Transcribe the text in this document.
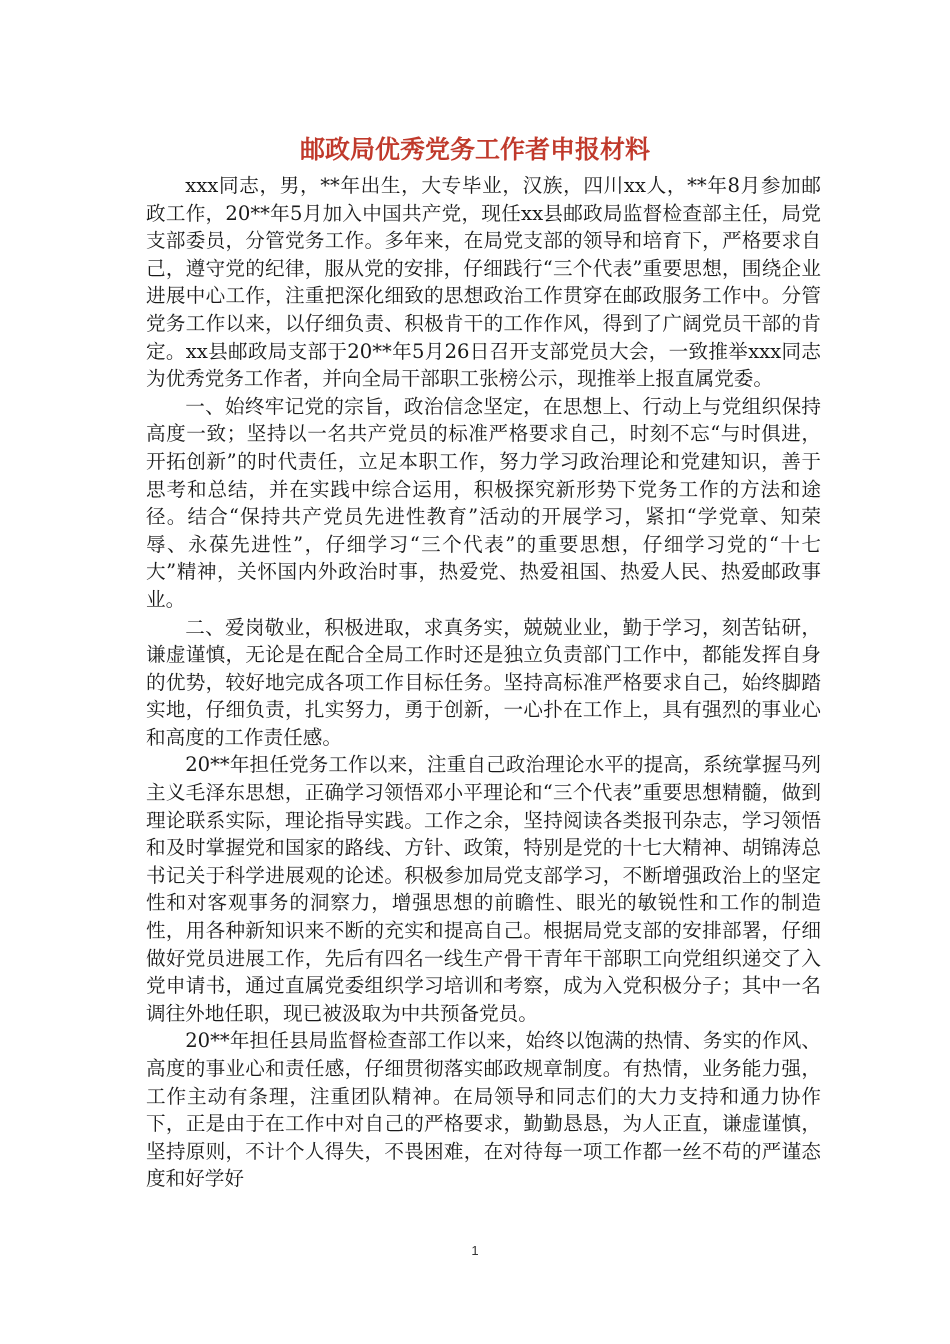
邮政局优秀党务工作者申报材料

xxx同志，男，**年出生，大专毕业，汉族，四川xx人，**年8月参加邮政工作，20**年5月加入中国共产党，现任xx县邮政局监督检查部主任，局党支部委员，分管党务工作。多年来，在局党支部的领导和培育下，严格要求自己，遵守党的纪律，服从党的安排，仔细践行“三个代表”重要思想，围绕企业进展中心工作，注重把深化细致的思想政治工作贯穿在邮政服务工作中。分管党务工作以来，以仔细负责、积极肯干的工作作风，得到了广阔党员干部的肯定。xx县邮政局支部于20**年5月26日召开支部党员大会，一致推举xxx同志为优秀党务工作者，并向全局干部职工张榜公示，现推举上报直属党委。

一、始终牢记党的宗旨，政治信念坚定，在思想上、行动上与党组织保持高度一致；坚持以一名共产党员的标准严格要求自己，时刻不忘“与时俱进，开拓创新”的时代责任，立足本职工作，努力学习政治理论和党建知识，善于思考和总结，并在实践中综合运用，积极探究新形势下党务工作的方法和途径。结合“保持共产党员先进性教育”活动的开展学习，紧扣“学党章、知荣辱、永葆先进性”，仔细学习“三个代表”的重要思想，仔细学习党的“十七大”精神，关怀国内外政治时事，热爱党、热爱祖国、热爱人民、热爱邮政事业。

二、爱岗敬业，积极进取，求真务实，兢兢业业，勤于学习，刻苦钻研，谦虚谨慎，无论是在配合全局工作时还是独立负责部门工作中，都能发挥自身的优势，较好地完成各项工作目标任务。坚持高标准严格要求自己，始终脚踏实地，仔细负责，扎实努力，勇于创新，一心扑在工作上，具有强烈的事业心和高度的工作责任感。

20**年担任党务工作以来，注重自己政治理论水平的提高，系统掌握马列主义毛泽东思想，正确学习领悟邓小平理论和“三个代表”重要思想精髓，做到理论联系实际，理论指导实践。工作之余，坚持阅读各类报刊杂志，学习领悟和及时掌握党和国家的路线、方针、政策，特别是党的十七大精神、胡锦涛总书记关于科学进展观的论述。积极参加局党支部学习，不断增强政治上的坚定性和对客观事务的洞察力，增强思想的前瞻性、眼光的敏锐性和工作的制造性，用各种新知识来不断的充实和提高自己。根据局党支部的安排部署，仔细做好党员进展工作，先后有四名一线生产骨干青年干部职工向党组织递交了入党申请书，通过直属党委组织学习培训和考察，成为入党积极分子；其中一名调往外地任职，现已被汲取为中共预备党员。

20**年担任县局监督检查部工作以来，始终以饱满的热情、务实的作风、高度的事业心和责任感，仔细贯彻落实邮政规章制度。有热情，业务能力强，工作主动有条理，注重团队精神。在局领导和同志们的大力支持和通力协作下，正是由于在工作中对自己的严格要求，勤勤恳恳，为人正直，谦虚谨慎，坚持原则，不计个人得失，不畏困难，在对待每一项工作都一丝不苟的严谨态度和好学好

1
